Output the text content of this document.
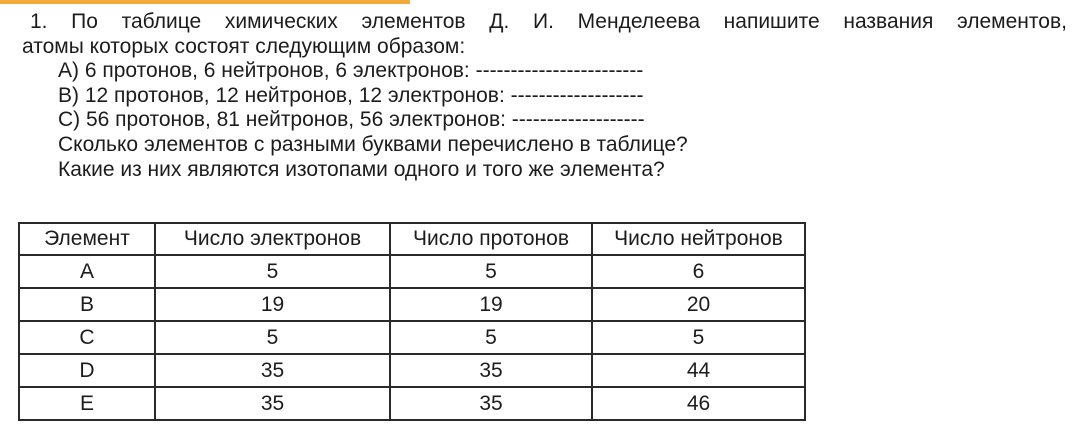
1. По таблице химических элементов Д. И. Менделеева напишите названия элементов,
атомы которых состоят следующим образом:
A) 6 протонов, 6 нейтронов, 6 электронов: ------------------------
B) 12 протонов, 12 нейтронов, 12 электронов: -------------------
C) 56 протонов, 81 нейтронов, 56 электронов: -------------------
Сколько элементов с разными буквами перечислено в таблице?
Какие из них являются изотопами одного и того же элемента?
Элемент	Число электронов	Число протонов	Число нейтронов
A	5	5	6
B	19	19	20
C	5	5	5
D	35	35	44
E	35	35	46
